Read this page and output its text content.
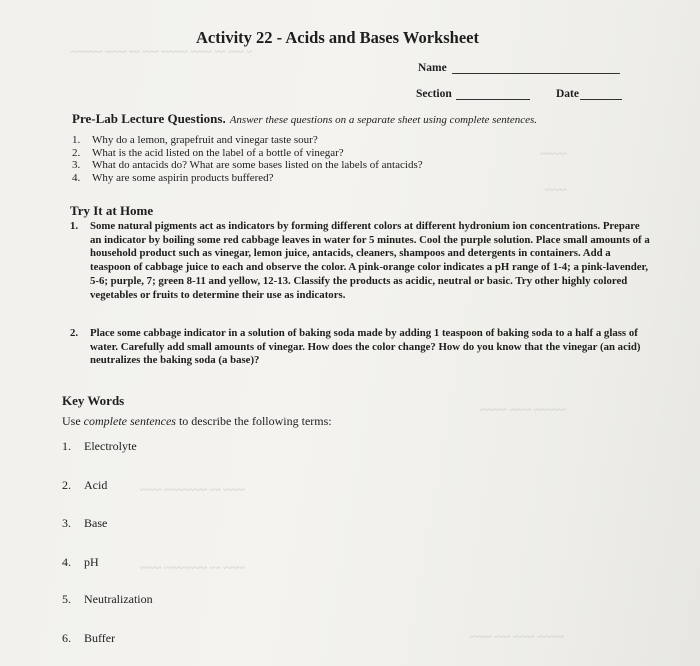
~ ~~~ ~~ ~~~~ ~~~~~ ~~~ ~~ ~~~~ ~~~~~~
~~~~~
~~~~
~~~~~~ ~~~~ ~~~~~
~~~~ ~~ ~~~~~~~~ ~~~~
~~~~ ~~ ~~~~~~~~ ~~~~
~~~~~ ~~~~ ~~~ ~~~~
Activity 22 - Acids and Bases Worksheet
Name
Section	Date
Pre-Lab Lecture Questions. Answer these questions on a separate sheet using complete sentences.
1.	Why do a lemon, grapefruit and vinegar taste sour?
2.	What is the acid listed on the label of a bottle of vinegar?
3.	What do antacids do? What are some bases listed on the labels of antacids?
4.	Why are some aspirin products buffered?
Try It at Home
1. Some natural pigments act as indicators by forming different colors at different hydronium ion concentrations. Prepare an indicator by boiling some red cabbage leaves in water for 5 minutes. Cool the purple solution. Place small amounts of a household product such as vinegar, lemon juice, antacids, cleaners, shampoos and detergents in containers. Add a teaspoon of cabbage juice to each and observe the color. A pink-orange color indicates a pH range of 1-4; a pink-lavender, 5-6; purple, 7; green 8-11 and yellow, 12-13. Classify the products as acidic, neutral or basic. Try other highly colored vegetables or fruits to determine their use as indicators.
2. Place some cabbage indicator in a solution of baking soda made by adding 1 teaspoon of baking soda to a half a glass of water. Carefully add small amounts of vinegar. How does the color change? How do you know that the vinegar (an acid) neutralizes the baking soda (a base)?
Key Words
Use complete sentences to describe the following terms:
1. Electrolyte
2. Acid
3. Base
4. pH
5. Neutralization
6. Buffer
